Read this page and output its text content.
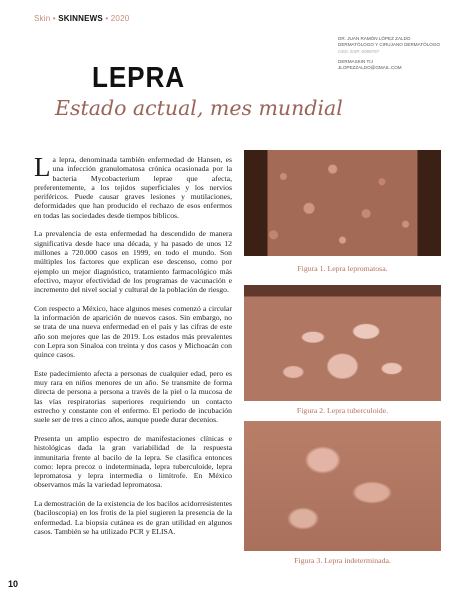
Skin • SKINNEWS • 2020
DR. JUAN RAMÓN LÓPEZ ZALDO
DERMATÓLOGO Y CIRUJANO DERMATÓLOGO
CED. ESP. 6099797
DERMASKIN TIJ
JLOPEZZALDO@GMAIL.COM
LEPRA
Estado actual, mes mundial

La lepra, denominada también enfermedad de Hansen, es una infección granulomatosa crónica ocasionada por la bacteria Mycobacterium leprae que afecta, preferentemente, a los tejidos superficiales y los nervios periféricos. Puede causar graves lesiones y mutilaciones, deformidades que han producido el rechazo de esos enfermos en todas las sociedades desde tiempos bíblicos.

La prevalencia de esta enfermedad ha descendido de manera significativa desde hace una década, y ha pasado de unos 12 millones a 720.000 casos en 1999, en todo el mundo. Son múltiples los factores que explican ese descenso, como por ejemplo un mejor diagnóstico, tratamiento farmacológico más efectivo, mayor efectividad de los programas de vacunación e incremento del nivel social y cultural de la población de riesgo.

Con respecto a México, hace algunos meses comenzó a circular la información de aparición de nuevos casos. Sin embargo, no se trata de una nueva enfermedad en el país y las cifras de este año son mejores que las de 2019. Los estados más prevalentes con Lepra son Sinaloa con treinta y dos casos y Michoacán con quince casos.

Este padecimiento afecta a personas de cualquier edad, pero es muy rara en niños menores de un año. Se transmite de forma directa de persona a persona a través de la piel o la mucosa de las vías respiratorias superiores requiriendo un contacto estrecho y constante con el enfermo. El periodo de incubación suele ser de tres a cinco años, aunque puede durar decenios.

Presenta un amplio espectro de manifestaciones clínicas e histológicas dada la gran variabilidad de la respuesta inmunitaria frente al bacilo de la lepra. Se clasifica entonces como: lepra precoz o indeterminada, lepra tuberculoide, lepra lepromatosa y lepra intermedia o limítrofe. En México observamos más la variedad lepromatosa.

La demostración de la existencia de los bacilos acidorresistentes (baciloscopia) en los frotis de la piel sugieren la presencia de la enfermedad. La biopsia cutánea es de gran utilidad en algunos casos. También se ha utilizado PCR y ELISA.

Figura 1. Lepra lepromatosa.
Figura 2. Lepra tuberculoide.
Figura 3. Lepra indeterminada.
10
